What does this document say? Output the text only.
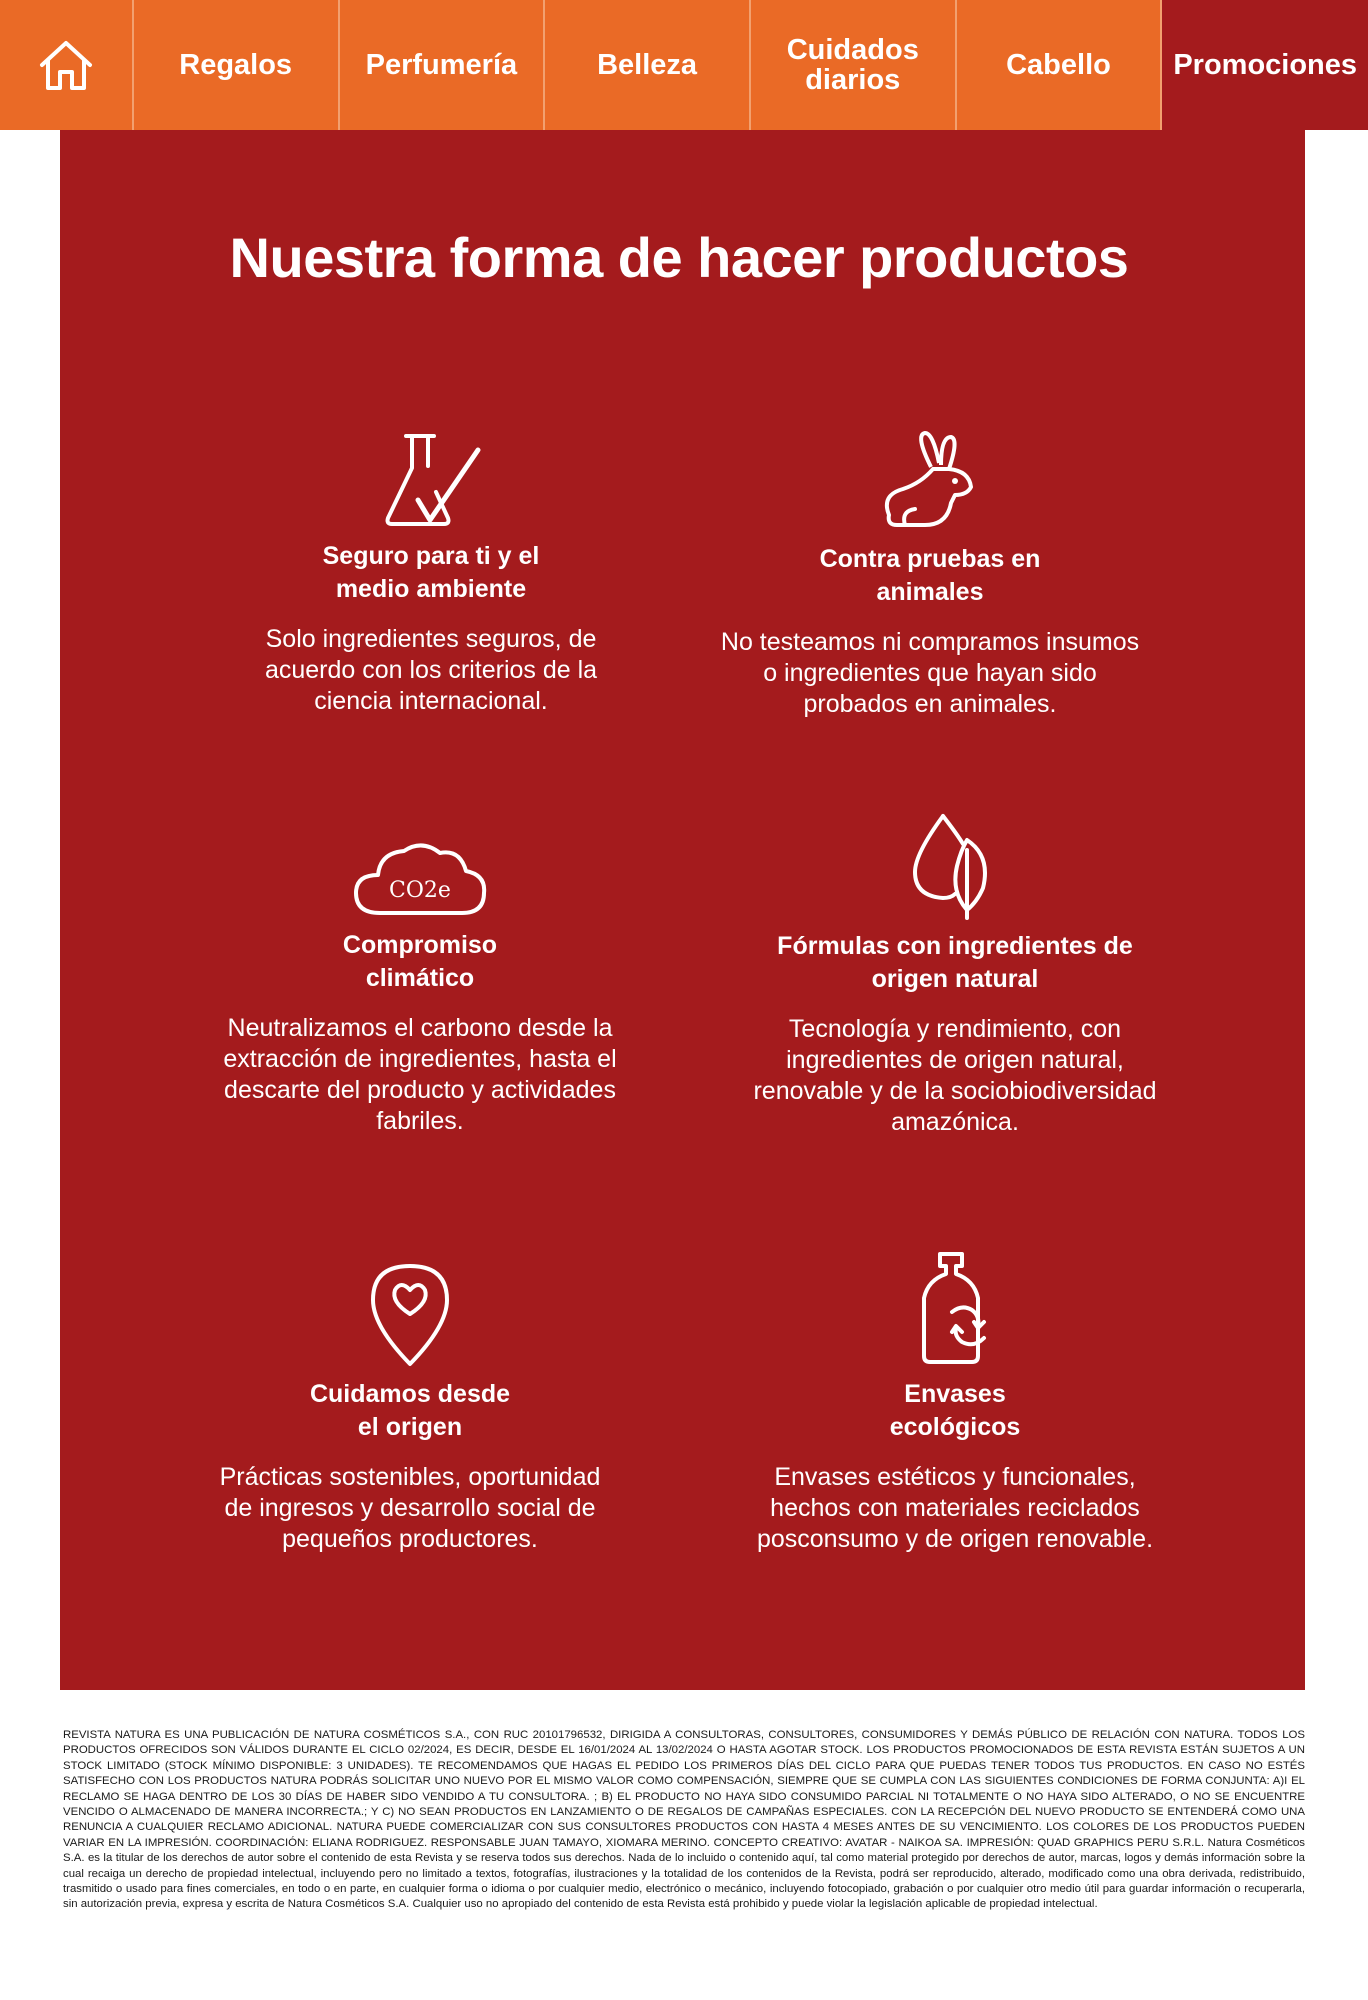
Regalos	Perfumería	Belleza	Cuidados diarios	Cabello Promociones
Nuestra forma de hacer productos
Seguro para ti y el medio ambiente
Solo ingredientes seguros, de acuerdo con los criterios de la ciencia internacional.
Contra pruebas en animales
No testeamos ni compramos insumos o ingredientes que hayan sido probados en animales.
CO2e
Compromiso climático
Neutralizamos el carbono desde la extracción de ingredientes, hasta el descarte del producto y actividades fabriles.
Fórmulas con ingredientes de origen natural
Tecnología y rendimiento, con ingredientes de origen natural, renovable y de la sociobiodiversidad amazónica.
Cuidamos desde el origen
Prácticas sostenibles, oportunidad de ingresos y desarrollo social de pequeños productores.
Envases ecológicos
Envases estéticos y funcionales, hechos con materiales reciclados posconsumo y de origen renovable.
REVISTA NATURA ES UNA PUBLICACIÓN DE NATURA COSMÉTICOS S.A., CON RUC 20101796532, DIRIGIDA A CONSULTORAS, CONSULTORES, CONSUMIDORES Y DEMÁS PÚBLICO DE RELACIÓN CON NATURA. TODOS LOS PRODUCTOS OFRECIDOS SON VÁLIDOS DURANTE EL CICLO 02/2024, ES DECIR, DESDE EL 16/01/2024 AL 13/02/2024 O HASTA AGOTAR STOCK. LOS PRODUCTOS PROMOCIONADOS DE ESTA REVISTA ESTÁN SUJETOS A UN STOCK LIMITADO (STOCK MÍNIMO DISPONIBLE: 3 UNIDADES). TE RECOMENDAMOS QUE HAGAS EL PEDIDO LOS PRIMEROS DÍAS DEL CICLO PARA QUE PUEDAS TENER TODOS TUS PRODUCTOS. EN CASO NO ESTÉS SATISFECHO CON LOS PRODUCTOS NATURA PODRÁS SOLICITAR UNO NUEVO POR EL MISMO VALOR COMO COMPENSACIÓN, SIEMPRE QUE SE CUMPLA CON LAS SIGUIENTES CONDICIONES DE FORMA CONJUNTA: A)I EL RECLAMO SE HAGA DENTRO DE LOS 30 DÍAS DE HABER SIDO VENDIDO A TU CONSULTORA. ; B) EL PRODUCTO NO HAYA SIDO CONSUMIDO PARCIAL NI TOTALMENTE O NO HAYA SIDO ALTERADO, O NO SE ENCUENTRE VENCIDO O ALMACENADO DE MANERA INCORRECTA.; Y C) NO SEAN PRODUCTOS EN LANZAMIENTO O DE REGALOS DE CAMPAÑAS ESPECIALES. CON LA RECEPCIÓN DEL NUEVO PRODUCTO SE ENTENDERÁ COMO UNA RENUNCIA A CUALQUIER RECLAMO ADICIONAL. NATURA PUEDE COMERCIALIZAR CON SUS CONSULTORES PRODUCTOS CON HASTA 4 MESES ANTES DE SU VENCIMIENTO. LOS COLORES DE LOS PRODUCTOS PUEDEN VARIAR EN LA IMPRESIÓN. COORDINACIÓN: ELIANA RODRIGUEZ. RESPONSABLE JUAN TAMAYO, XIOMARA MERINO. CONCEPTO CREATIVO: AVATAR - NAIKOA SA. IMPRESIÓN: QUAD GRAPHICS PERU S.R.L. Natura Cosméticos S.A. es la titular de los derechos de autor sobre el contenido de esta Revista y se reserva todos sus derechos. Nada de lo incluido o contenido aquí, tal como material protegido por derechos de autor, marcas, logos y demás información sobre la cual recaiga un derecho de propiedad intelectual, incluyendo pero no limitado a textos, fotografías, ilustraciones y la totalidad de los contenidos de la Revista, podrá ser reproducido, alterado, modificado como una obra derivada, redistribuido, trasmitido o usado para fines comerciales, en todo o en parte, en cualquier forma o idioma o por cualquier medio, electrónico o mecánico, incluyendo fotocopiado, grabación o por cualquier otro medio útil para guardar información o recuperarla, sin autorización previa, expresa y escrita de Natura Cosméticos S.A. Cualquier uso no apropiado del contenido de esta Revista está prohibido y puede violar la legislación aplicable de propiedad intelectual.
